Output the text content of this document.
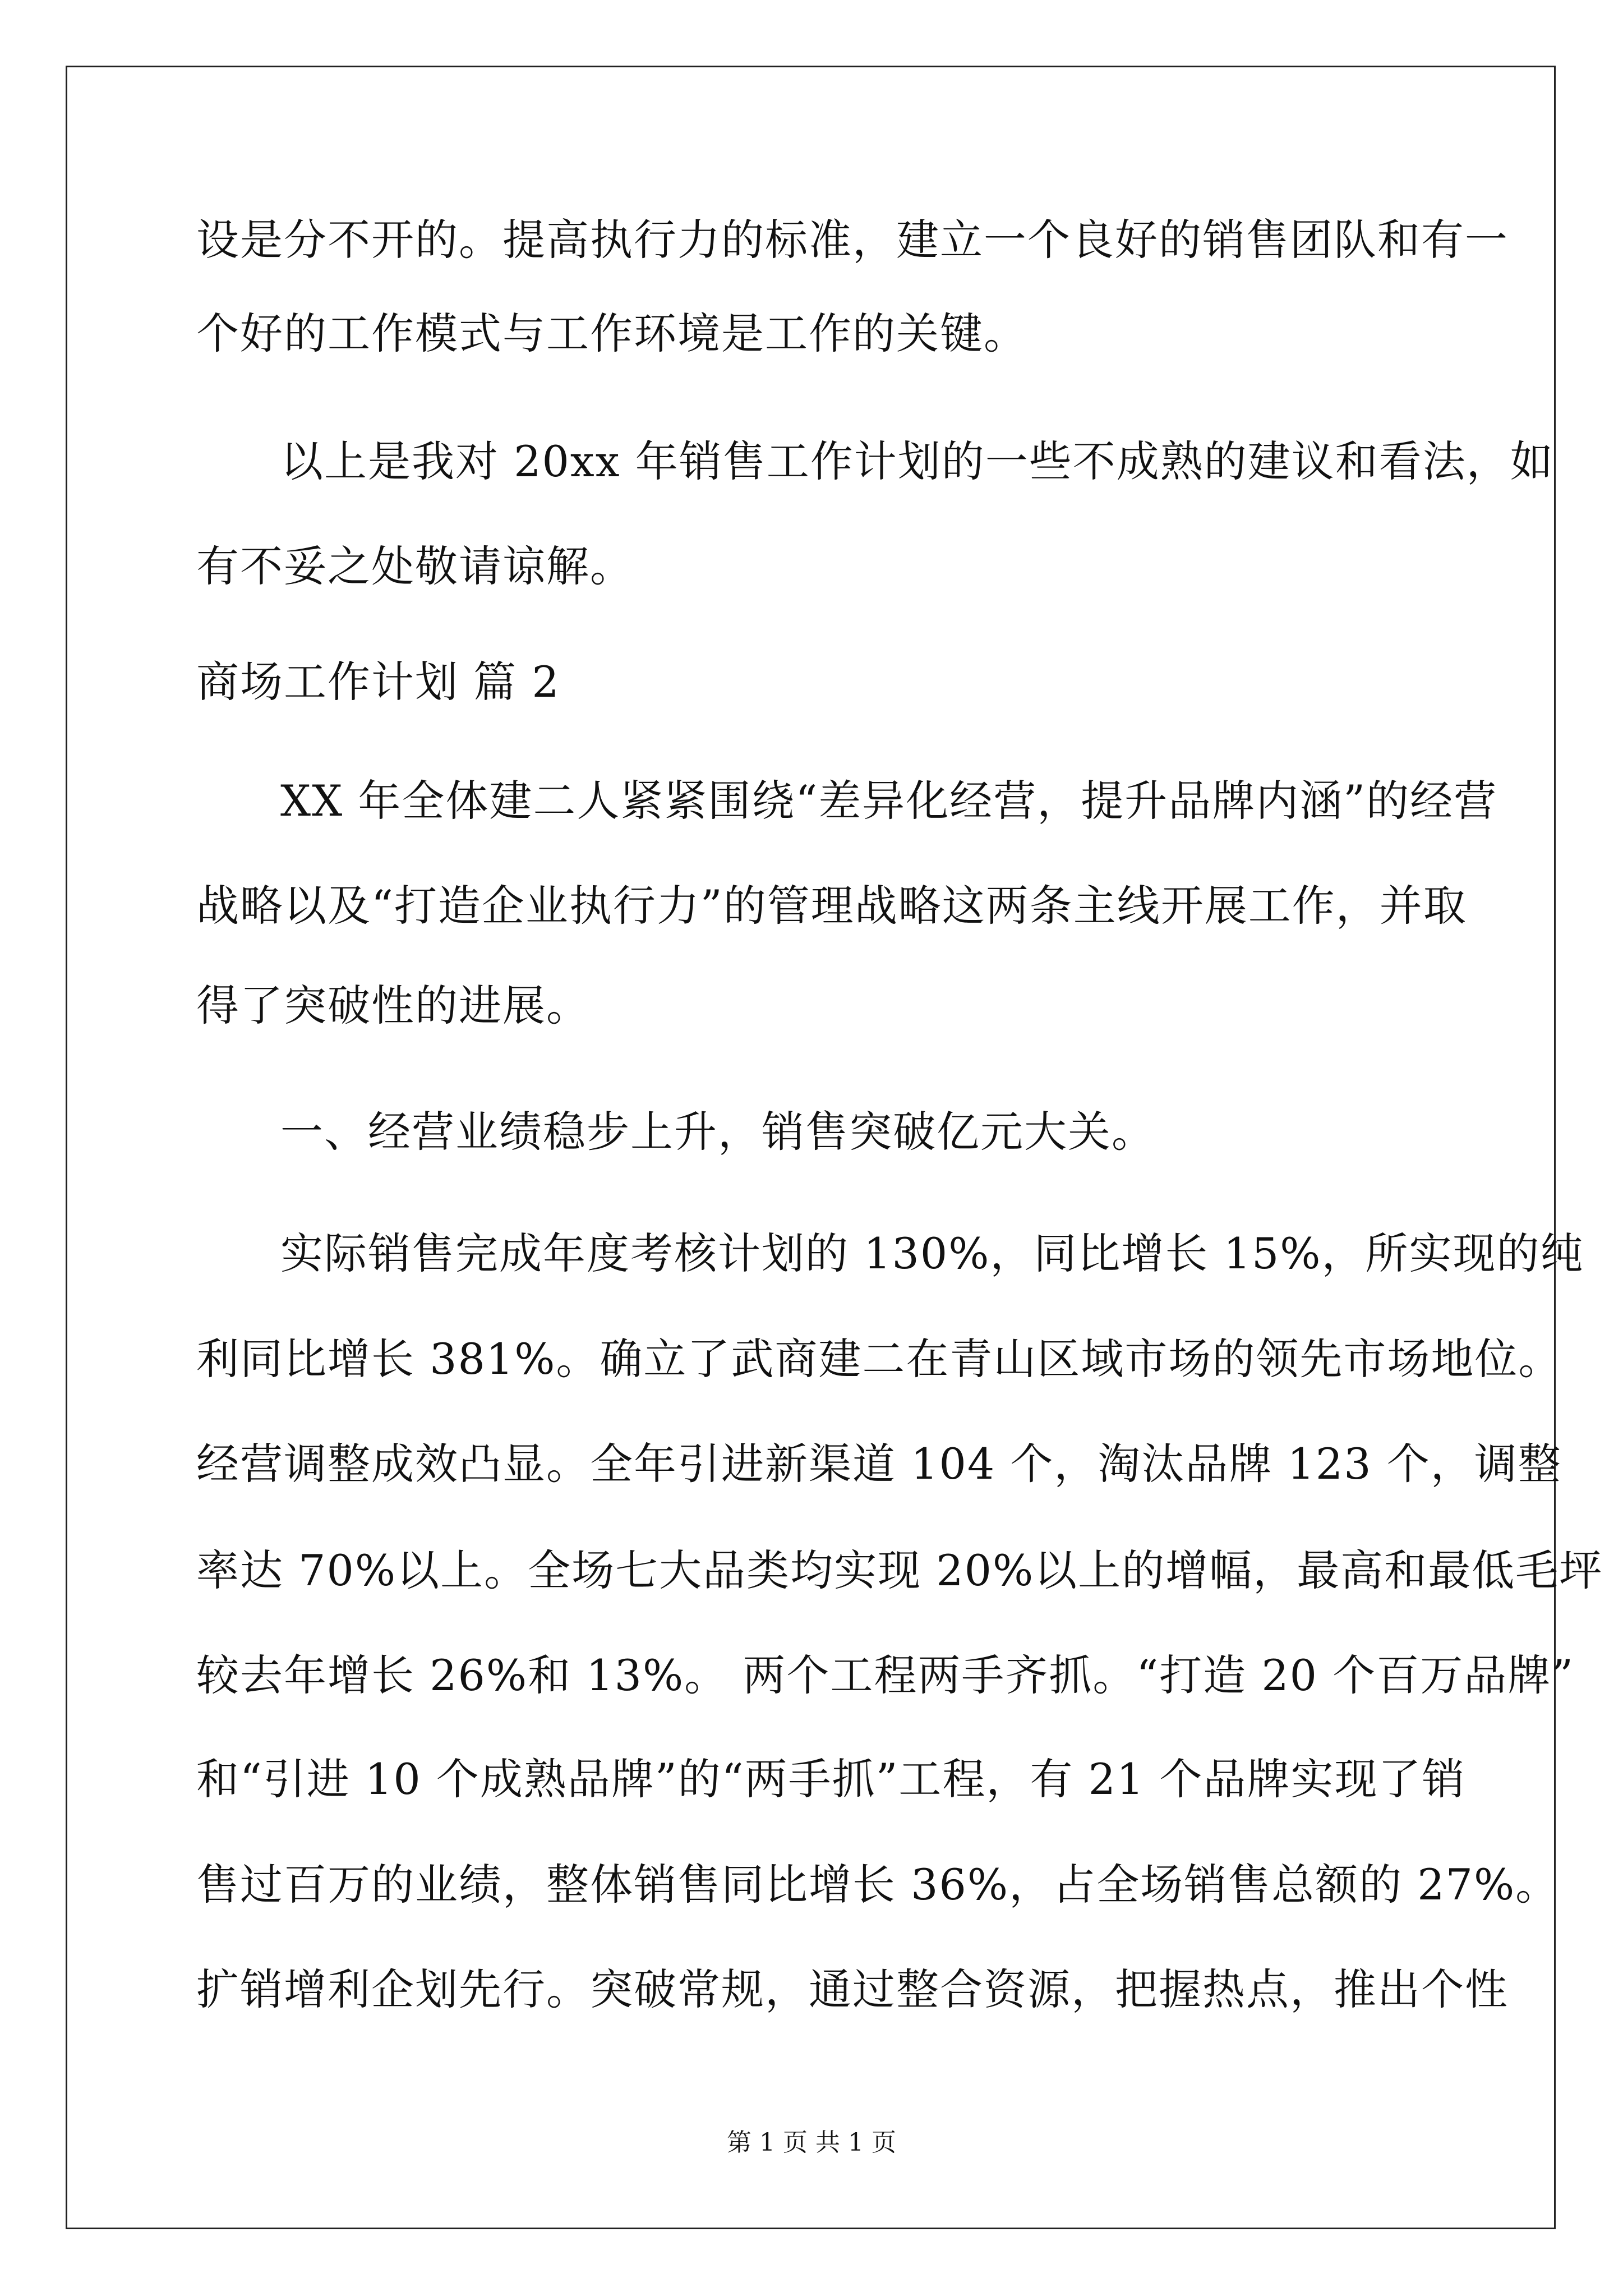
设是分不开的。提高执行力的标准，建立一个良好的销售团队和有一
个好的工作模式与工作环境是工作的关键。
以上是我对 20xx 年销售工作计划的一些不成熟的建议和看法，如
有不妥之处敬请谅解。
商场工作计划 篇 2
XX 年全体建二人紧紧围绕“差异化经营，提升品牌内涵”的经营
战略以及“打造企业执行力”的管理战略这两条主线开展工作，并取
得了突破性的进展。
一、经营业绩稳步上升，销售突破亿元大关。
实际销售完成年度考核计划的 130%，同比增长 15%，所实现的纯
利同比增长 381%。确立了武商建二在青山区域市场的领先市场地位。
经营调整成效凸显。全年引进新渠道 104 个，淘汰品牌 123 个，调整
率达 70%以上。全场七大品类均实现 20%以上的增幅，最高和最低毛坪
较去年增长 26%和 13%。 两个工程两手齐抓。“打造 20 个百万品牌”
和“引进 10 个成熟品牌”的“两手抓”工程，有 21 个品牌实现了销
售过百万的业绩，整体销售同比增长 36%，占全场销售总额的 27%。
扩销增利企划先行。突破常规，通过整合资源，把握热点，推出个性
第 1 页 共 1 页
